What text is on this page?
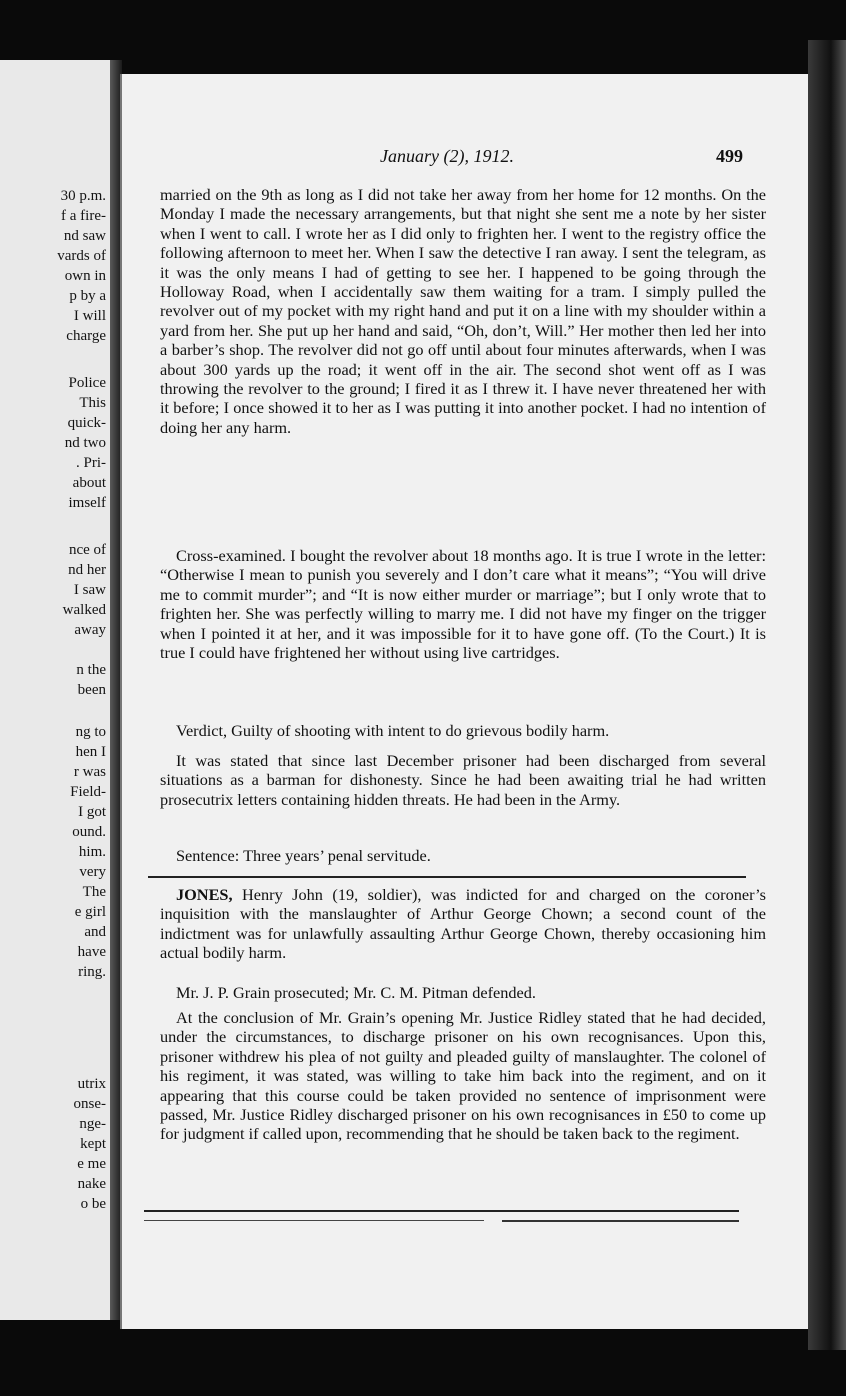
30 p.m.
f a fire-
nd saw
vards of
own in
p by a
I will
charge
Police
This
quick-
nd two
. Pri-
about
imself
nce of
nd her
I saw
walked
away
n the
been
ng to
hen I
r was
Field-
I got
ound.
him.
very
The
e girl
and
have
ring.
utrix
onse-
nge-
kept
e me
nake
o be
January (2), 1912.	499

married on the 9th as long as I did not take her away from her home for 12 months. On the Monday I made the necessary arrangements, but that night she sent me a note by her sister when I went to call. I wrote her as I did only to frighten her. I went to the registry office the following afternoon to meet her. When I saw the detective I ran away. I sent the telegram, as it was the only means I had of getting to see her. I happened to be going through the Holloway Road, when I accidentally saw them waiting for a tram. I simply pulled the revolver out of my pocket with my right hand and put it on a line with my shoulder within a yard from her. She put up her hand and said, “Oh, don’t, Will.” Her mother then led her into a barber’s shop. The revolver did not go off until about four minutes afterwards, when I was about 300 yards up the road; it went off in the air. The second shot went off as I was throwing the revolver to the ground; I fired it as I threw it. I have never threatened her with it before; I once showed it to her as I was putting it into another pocket. I had no intention of doing her any harm.

Cross-examined. I bought the revolver about 18 months ago. It is true I wrote in the letter: “Otherwise I mean to punish you severely and I don’t care what it means”; “You will drive me to commit murder”; and “It is now either murder or marriage”; but I only wrote that to frighten her. She was perfectly willing to marry me. I did not have my finger on the trigger when I pointed it at her, and it was impossible for it to have gone off. (To the Court.) It is true I could have frightened her without using live cartridges.

Verdict, Guilty of shooting with intent to do grievous bodily harm.

It was stated that since last December prisoner had been discharged from several situations as a barman for dishonesty. Since he had been awaiting trial he had written prosecutrix letters containing hidden threats. He had been in the Army.

Sentence: Three years’ penal servitude.

JONES, Henry John (19, soldier), was indicted for and charged on the coroner’s inquisition with the manslaughter of Arthur George Chown; a second count of the indictment was for unlawfully assaulting Arthur George Chown, thereby occasioning him actual bodily harm.

Mr. J. P. Grain prosecuted; Mr. C. M. Pitman defended.

At the conclusion of Mr. Grain’s opening Mr. Justice Ridley stated that he had decided, under the circumstances, to discharge prisoner on his own recognisances. Upon this, prisoner withdrew his plea of not guilty and pleaded guilty of manslaughter. The colonel of his regiment, it was stated, was willing to take him back into the regiment, and on it appearing that this course could be taken provided no sentence of imprisonment were passed, Mr. Justice Ridley discharged prisoner on his own recognisances in £50 to come up for judgment if called upon, recommending that he should be taken back to the regiment.
